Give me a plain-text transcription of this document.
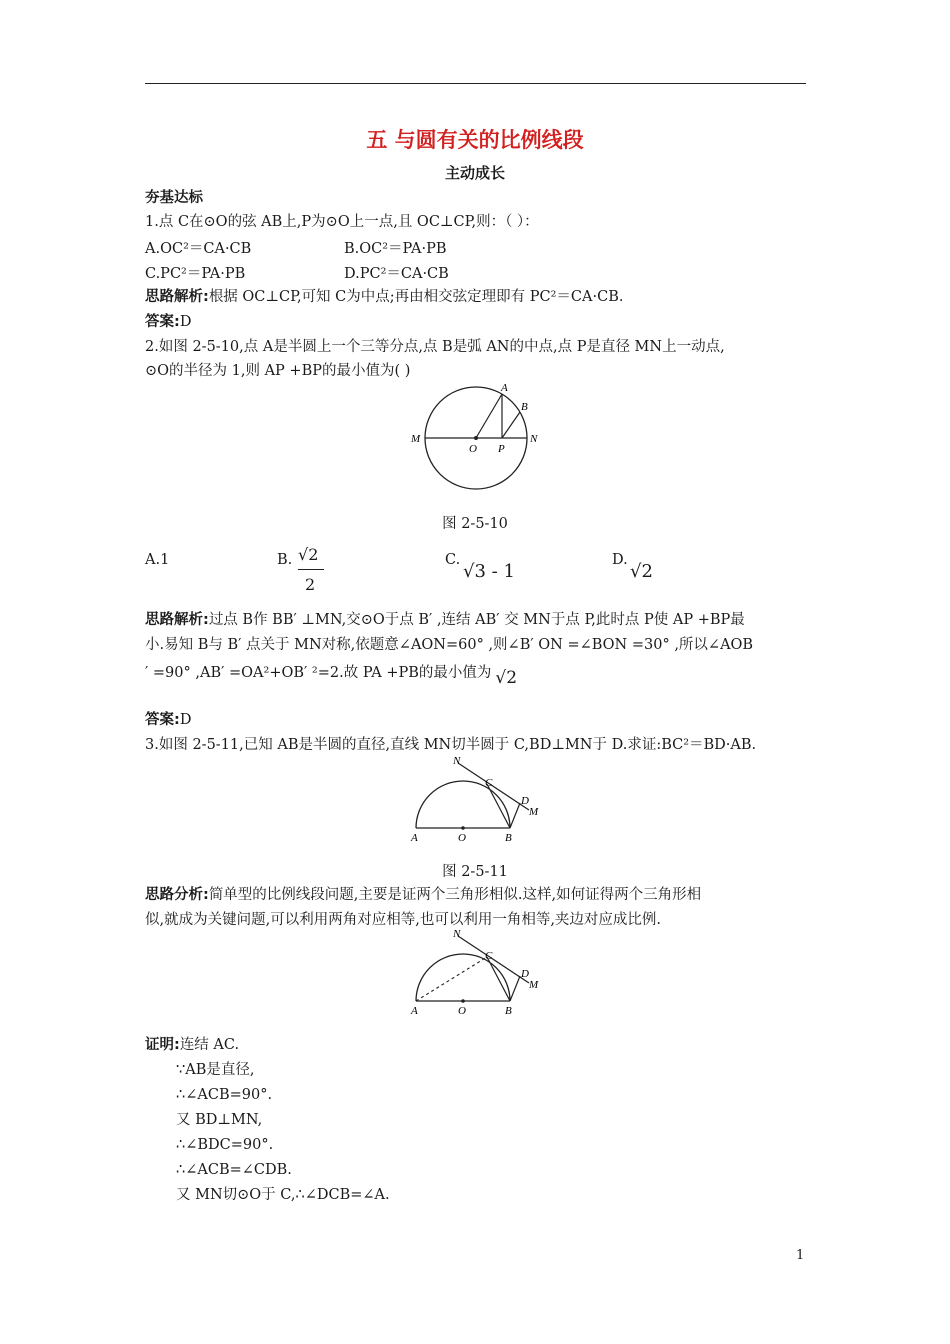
五 与圆有关的比例线段
主动成长
夯基达标
1.点 C在⊙O的弦 AB上,P为⊙O上一点,且 OC⊥CP,则：（ ）：
A.OC²＝CA·CB	B.OC²＝PA·PB
C.PC²＝PA·PB	D.PC²＝CA·CB
思路解析:根据 OC⊥CP,可知 C为中点;再由相交弦定理即有 PC²＝CA·CB.
答案:D
2.如图 2-5-10,点 A是半圆上一个三等分点,点 B是弧 AN的中点,点 P是直径 MN上一动点,
⊙O的半径为 1,则 AP +BP的最小值为( )
A
B
M	N
O P
图 2-5-10
A.1	B. √2
2
C.
√3 - 1
D.
√2
思路解析:过点 B作 BB′ ⊥MN,交⊙O于点 B′ ,连结 AB′ 交 MN于点 P,此时点 P使 AP +BP最
小.易知 B与 B′ 点关于 MN对称,依题意∠AON=60° ,则∠B′ ON =∠BON =30° ,所以∠AOB
′ =90° ,AB′ =OA²+OB′ ²=2.故 PA +PB的最小值为 √2
答案:D
3.如图 2-5-11,已知 AB是半圆的直径,直线 MN切半圆于 C,BD⊥MN于 D.求证:BC²＝BD·AB.
N
C
D
M
A	O	B
图 2-5-11
思路分析:简单型的比例线段问题,主要是证两个三角形相似.这样,如何证得两个三角形相
似,就成为关键问题,可以利用两角对应相等,也可以利用一角相等,夹边对应成比例.
N
C
D
M
A	O	B
证明:连结 AC.
∵AB是直径,
∴∠ACB=90°.
又 BD⊥MN,
∴∠BDC=90°.
∴∠ACB=∠CDB.
又 MN切⊙O于 C,∴∠DCB=∠A.
1
